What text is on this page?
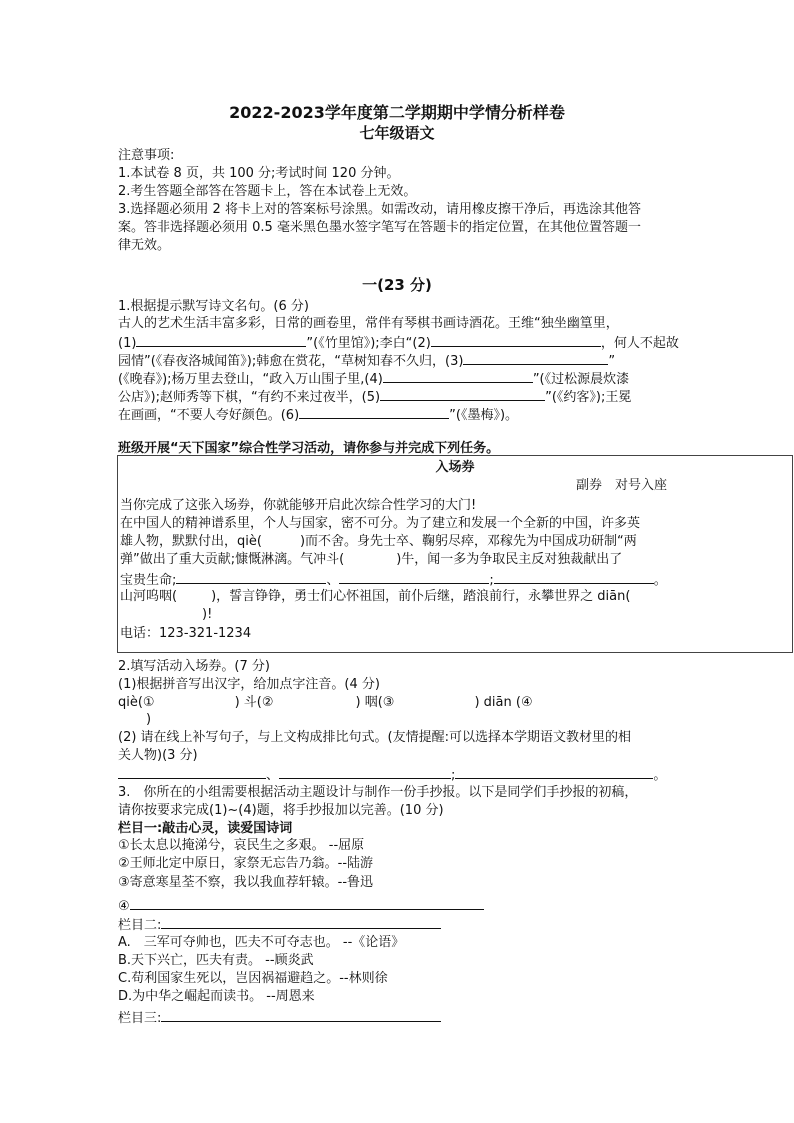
2022-2023学年度第二学期期中学情分析样卷
七年级语文
注意事项:
1.本试卷 8 页，共 100 分;考试时间 120 分钟。
2.考生答题全部答在答题卡上，答在本试卷上无效。
3.选择题必须用 2 将卡上对的答案标号涂黑。如需改动，请用橡皮擦干净后，再选涂其他答
案。答非选择题必须用 0.5 毫米黑色墨水签字笔写在答题卡的指定位置，在其他位置答题一
律无效。
一(23 分)
1.根据提示默写诗文名句。(6 分)
古人的艺术生活丰富多彩，日常的画卷里，常伴有琴棋书画诗酒花。王维“独坐幽篁里，
(1)	”(《竹里馆》);李白“(2)	，何人不起故
园情”(《春夜洛城闻笛》);韩愈在赏花，“草树知春不久归，(3)	”
(《晚春》);杨万里去登山，“政入万山围子里,(4)	”(《过松源晨炊漆
公店》);赵师秀等下棋，“有约不来过夜半，(5)	”(《约客》);王冕
在画画，“不要人夸好颜色。(6)	”(《墨梅》)。
班级开展“天下国家”综合性学习活动，请你参与并完成下列任务。
入场券
副券　对号入座
当你完成了这张入场券，你就能够开启此次综合性学习的大门!
在中国人的精神谱系里，个人与国家，密不可分。为了建立和发展一个全新的中国，许多英
雄人物，默默付出，qiè(	)而不舍。身先士卒、鞠躬尽瘁，邓稼先为中国成功研制“两
弹”做出了重大贡献;慷慨淋漓。气冲斗(	)牛，闻一多为争取民主反对独裁献出了
宝贵生命;	、	;	。
山河呜咽(	)，誓言铮铮，勇士们心怀祖国，前仆后继，踏浪前行，永攀世界之 diān(
)!
电话：123-321-1234
2.填写活动入场券。(7 分)
(1)根据拼音写出汉字，给加点字注音。(4 分)
qiè(①	) 斗(②	) 咽(③	) diān (④
)
(2) 请在线上补写句子，与上文构成排比句式。(友情提醒:可以选择本学期语文教材里的相
关人物)(3 分)
、	;	。
3.　你所在的小组需要根据活动主题设计与制作一份手抄报。以下是同学们手抄报的初稿，
请你按要求完成(1)~(4)题，将手抄报加以完善。(10 分)
栏目一:敲击心灵，读爱国诗词
①长太息以掩涕兮，哀民生之多艰。 --屈原
②王师北定中原日，家祭无忘告乃翁。--陆游
③寄意寒星荃不察，我以我血荐轩辕。--鲁迅
④
栏目二:
A.　三军可夺帅也，匹夫不可夺志也。 --《论语》
B.天下兴亡，匹夫有责。 --顾炎武
C.苟利国家生死以，岂因祸福避趋之。--林则徐
D.为中华之崛起而读书。 --周恩来
栏目三:
